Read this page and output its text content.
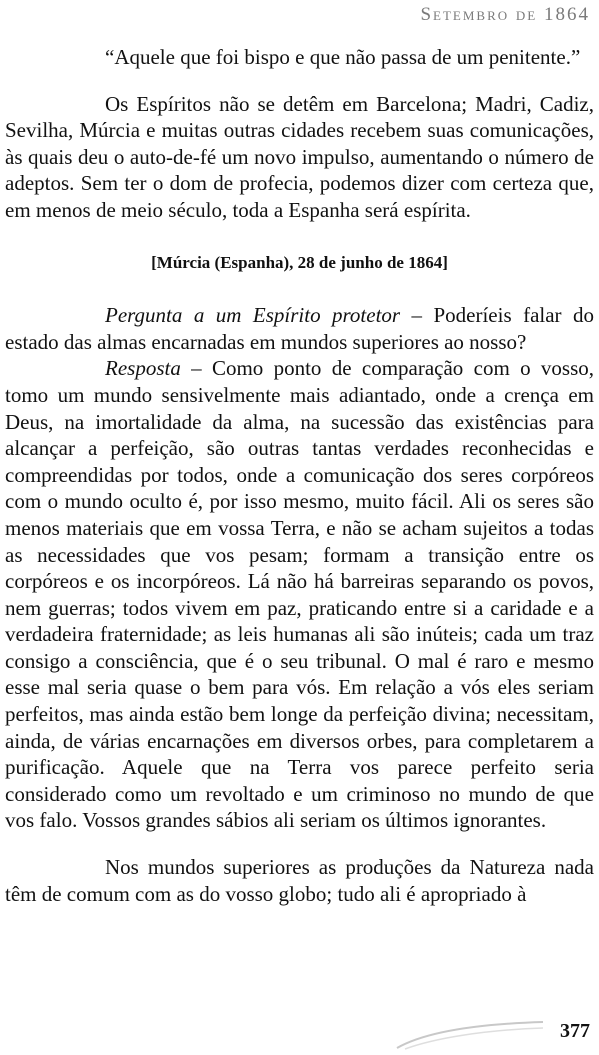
Setembro de 1864

“Aquele que foi bispo e que não passa de um penitente.”

Os Espíritos não se detêm em Barcelona; Madri, Cadiz, Sevilha, Múrcia e muitas outras cidades recebem suas comunicações, às quais deu o auto-de-fé um novo impulso, aumentando o número de adeptos. Sem ter o dom de profecia, podemos dizer com certeza que, em menos de meio século, toda a Espanha será espírita.

[Múrcia (Espanha), 28 de junho de 1864]

Pergunta a um Espírito protetor – Poderíeis falar do estado das almas encarnadas em mundos superiores ao nosso?

Resposta – Como ponto de comparação com o vosso, tomo um mundo sensivelmente mais adiantado, onde a crença em Deus, na imortalidade da alma, na sucessão das existências para alcançar a perfeição, são outras tantas verdades reconhecidas e compreendidas por todos, onde a comunicação dos seres corpóreos com o mundo oculto é, por isso mesmo, muito fácil. Ali os seres são menos materiais que em vossa Terra, e não se acham sujeitos a todas as necessidades que vos pesam; formam a transição entre os corpóreos e os incorpóreos. Lá não há barreiras separando os povos, nem guerras; todos vivem em paz, praticando entre si a caridade e a verdadeira fraternidade; as leis humanas ali são inúteis; cada um traz consigo a consciência, que é o seu tribunal. O mal é raro e mesmo esse mal seria quase o bem para vós. Em relação a vós eles seriam perfeitos, mas ainda estão bem longe da perfeição divina; necessitam, ainda, de várias encarnações em diversos orbes, para completarem a purificação. Aquele que na Terra vos parece perfeito seria considerado como um revoltado e um criminoso no mundo de que vos falo. Vossos grandes sábios ali seriam os últimos ignorantes.

Nos mundos superiores as produções da Natureza nada têm de comum com as do vosso globo; tudo ali é apropriado à

377
